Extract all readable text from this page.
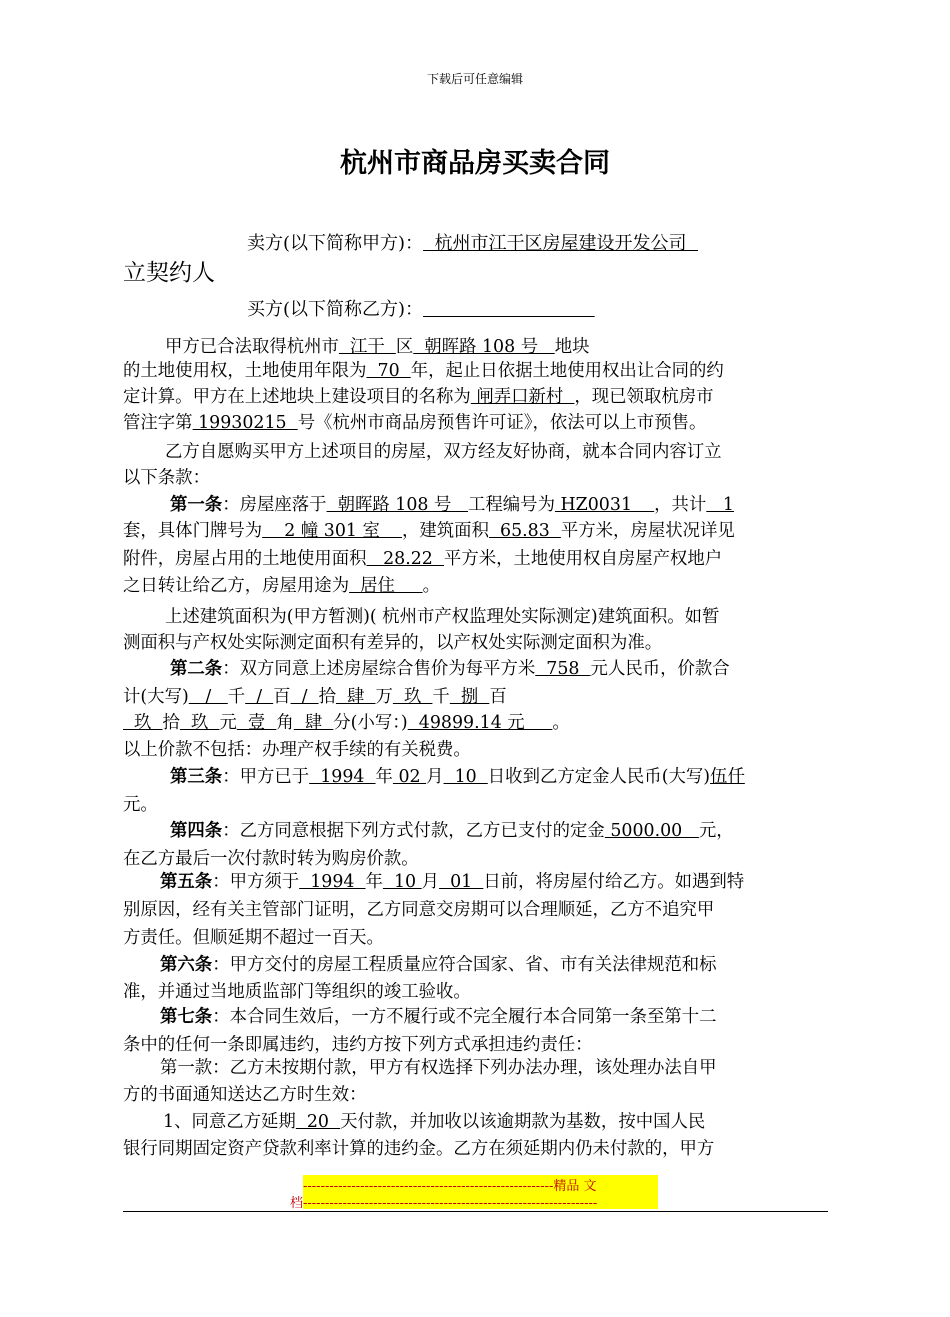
下载后可任意编辑
杭州市商品房买卖合同
卖方(以下简称甲方)： 杭州市江干区房屋建设开发公司
立契约人
买方(以下简称乙方)：
甲方已合法取得杭州市  江干  区  朝晖路 108 号   地块
的土地使用权，土地使用年限为  70  年，起止日依据土地使用权出让合同的约
定计算。甲方在上述地块上建设项目的名称为 闸弄口新村  ，现已领取杭房市
管注字第 19930215  号《杭州市商品房预售许可证》，依法可以上市预售。
乙方自愿购买甲方上述项目的房屋，双方经友好协商，就本合同内容订立
以下条款：
第一条：房屋座落于  朝晖路 108 号   工程编号为 HZ0031    ，共计   1
套，具体门牌号为    2 幢 301 室    ，建筑面积  65.83  平方米，房屋状况详见
附件，房屋占用的土地使用面积   28.22  平方米，土地使用权自房屋产权地户
之日转让给乙方，房屋用途为  居住     。
上述建筑面积为(甲方暂测)( 杭州市产权监理处实际测定)建筑面积。如暂
测面积与产权处实际测定面积有差异的，以产权处实际测定面积为准。
第二条：双方同意上述房屋综合售价为每平方米  758  元人民币，价款合
计(大写)   /   千  /  百  /  拾  肆  万  玖  千  捌  百
玖  拾  玖  元  壹  角  肆  分(小写：)  49899.14 元     。
以上价款不包括：办理产权手续的有关税费。
第三条：甲方已于  1994  年 02 月  10  日收到乙方定金人民币(大写)伍仟
元。
第四条：乙方同意根据下列方式付款，乙方已支付的定金 5000.00   元，
在乙方最后一次付款时转为购房价款。
第五条：甲方须于  1994  年  10 月  01  日前，将房屋付给乙方。如遇到特
别原因，经有关主管部门证明，乙方同意交房期可以合理顺延，乙方不追究甲
方责任。但顺延期不超过一百天。
第六条：甲方交付的房屋工程质量应符合国家、省、市有关法律规范和标
准，并通过当地质监部门等组织的竣工验收。
第七条：本合同生效后，一方不履行或不完全履行本合同第一条至第十二
条中的任何一条即属违约，违约方按下列方式承担违约责任：
第一款：乙方未按期付款，甲方有权选择下列办法办理，该处理办法自甲
方的书面通知送达乙方时生效：
1、同意乙方延期  20  天付款，并加收以该逾期款为基数，按中国人民
银行同期固定资产贷款利率计算的违约金。乙方在须延期内仍未付款的，甲方
---------------------------------------------------------精品 文
档-------------------------------------------------------------------
